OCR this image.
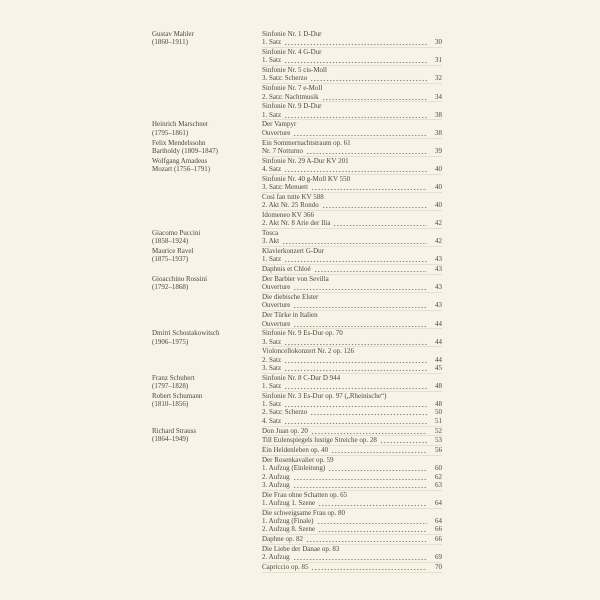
Gustav Mahler
(1860–1911)
Sinfonie Nr. 1 D-Dur
1. Satz	30
Sinfonie Nr. 4 G-Dur
1. Satz	31
Sinfonie Nr. 5 cis-Moll
3. Satz: Scherzo	32
Sinfonie Nr. 7 e-Moll
2. Satz: Nachtmusik	34
Sinfonie Nr. 9 D-Dur
1. Satz	38
Heinrich Marschner
(1795–1861)
Der Vampyr
Ouverture	38
Felix Mendelssohn
Bartholdy (1809–1847)
Ein Sommernachtstraum op. 61
Nr. 7 Notturno	39
Wolfgang Amadeus
Mozart (1756–1791)
Sinfonie Nr. 29 A-Dur KV 201
4. Satz	40
Sinfonie Nr. 40 g-Moll KV 550
3. Satz: Menuett	40
Così fan tutte KV 588
2. Akt Nr. 25 Rondo	40
Idomeneo KV 366
2. Akt Nr. 8 Arie der Ilia	42
Giacomo Puccini
(1858–1924)
Tosca
3. Akt	42
Maurice Ravel
(1875–1937)
Klavierkonzert G-Dur
1. Satz	43
Daphnis et Chloé	43
Gioacchino Rossini
(1792–1868)
Der Barbier von Sevilla
Ouverture	43
Die diebische Elster
Ouverture	43
Der Türke in Italien
Ouverture	44
Dmitri Schostakowitsch
(1906–1975)
Sinfonie Nr. 9 Es-Dur op. 70
3. Satz	44
Violoncellokonzert Nr. 2 op. 126
2. Satz	44
3. Satz	45
Franz Schubert
(1797–1828)
Sinfonie Nr. 8 C-Dur D 944
1. Satz	48
Robert Schumann
(1810–1856)
Sinfonie Nr. 3 Es-Dur op. 97 („Rheinische“)
1. Satz	48
2. Satz: Scherzo	50
4. Satz	51
Richard Strauss
(1864–1949)
Don Juan op. 20	52
Till Eulenspiegels lustige Streiche op. 28	53
Ein Heldenleben op. 40	56
Der Rosenkavalier op. 59
1. Aufzug (Einleitung)	60
2. Aufzug	62
3. Aufzug	63
Die Frau ohne Schatten op. 65
1. Aufzug 1. Szene	64
Die schweigsame Frau op. 80
1. Aufzug (Finale)	64
2. Aufzug 8. Szene	66
Daphne op. 82	66
Die Liebe der Danae op. 83
2. Aufzug	69
Capriccio op. 85	70
